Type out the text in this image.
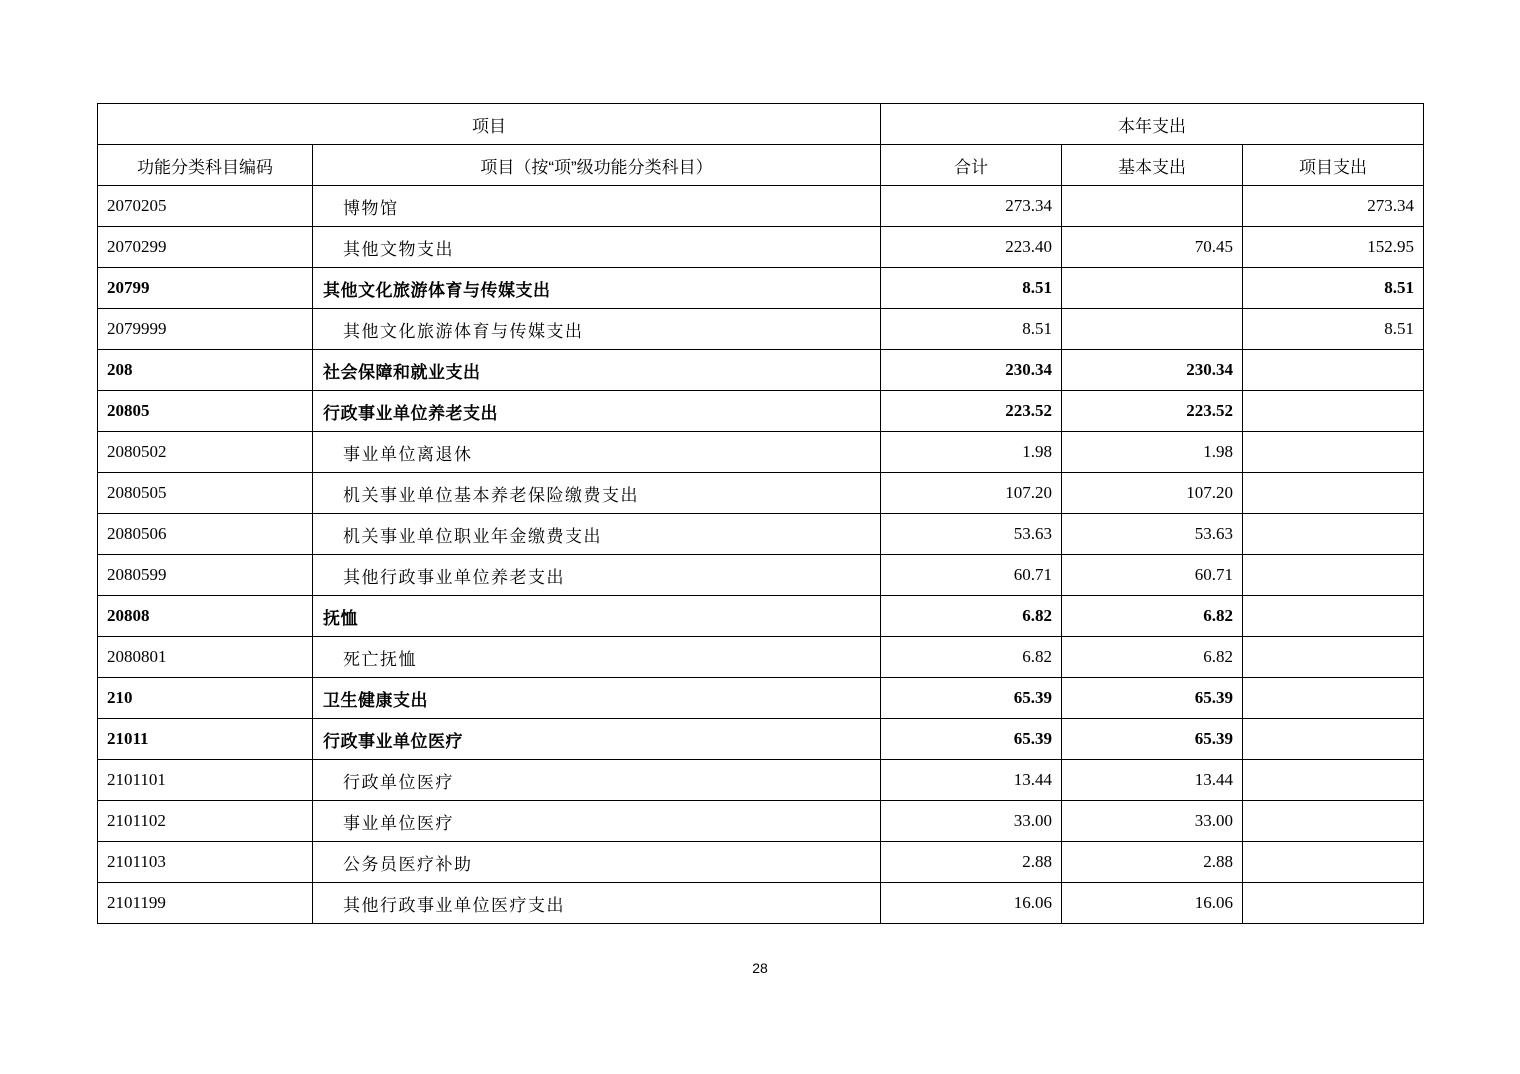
项目		本年支出		
功能分类科目编码	项目（按“项”级功能分类科目）	合计	基本支出	项目支出
2070205	博物馆	273.34		273.34
2070299	其他文物支出	223.40	70.45	152.95
20799	其他文化旅游体育与传媒支出	8.51		8.51
2079999	其他文化旅游体育与传媒支出	8.51		8.51
208	社会保障和就业支出	230.34	230.34	
20805	行政事业单位养老支出	223.52	223.52	
2080502	事业单位离退休	1.98	1.98	
2080505	机关事业单位基本养老保险缴费支出	107.20	107.20	
2080506	机关事业单位职业年金缴费支出	53.63	53.63	
2080599	其他行政事业单位养老支出	60.71	60.71	
20808	抚恤	6.82	6.82	
2080801	死亡抚恤	6.82	6.82	
210	卫生健康支出	65.39	65.39	
21011	行政事业单位医疗	65.39	65.39	
2101101	行政单位医疗	13.44	13.44	
2101102	事业单位医疗	33.00	33.00	
2101103	公务员医疗补助	2.88	2.88	
2101199	其他行政事业单位医疗支出	16.06	16.06	
28
